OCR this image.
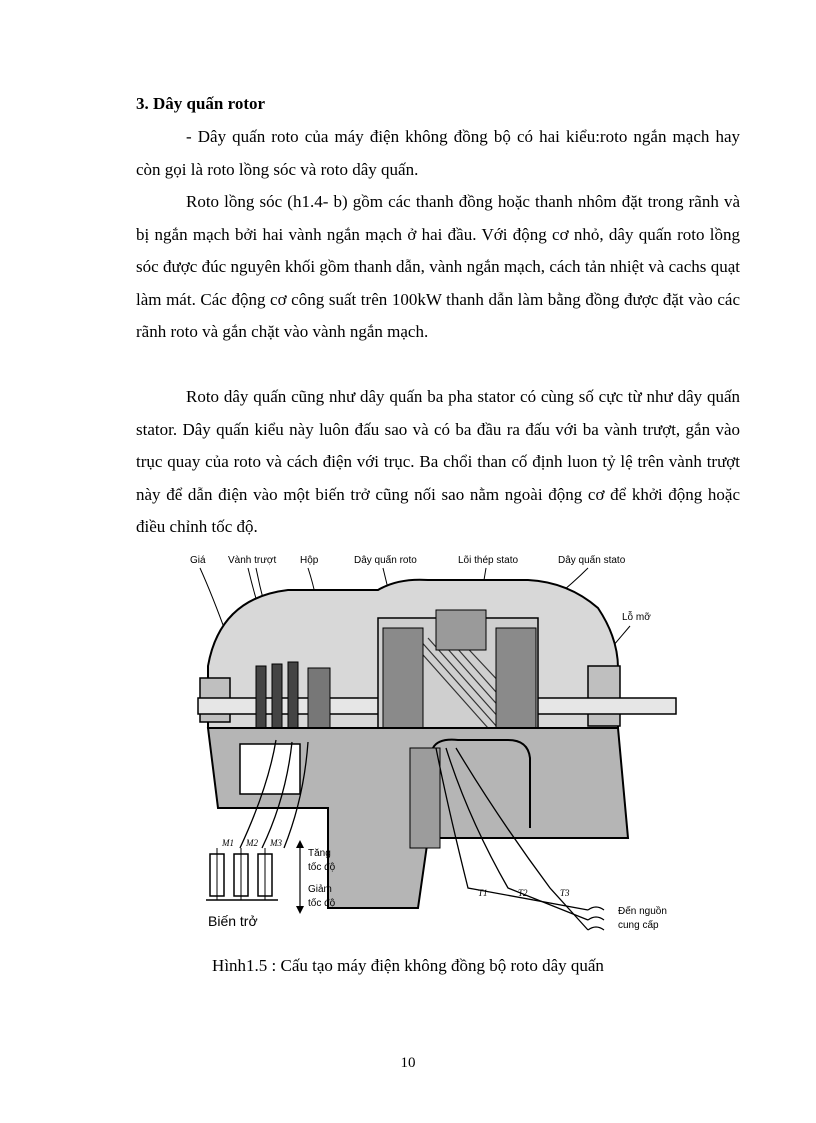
3. Dây quấn rotor

- Dây quấn roto của máy điện không đồng bộ có hai kiểu:roto ngắn mạch hay còn gọi là roto lồng sóc và roto dây quấn.

Roto lồng sóc (h1.4- b) gồm các thanh đồng hoặc thanh nhôm đặt trong rãnh và bị ngắn mạch bởi hai vành ngắn mạch ở hai đầu. Với động cơ nhỏ, dây quấn roto lồng sóc được đúc nguyên khối gồm thanh dẫn, vành ngắn mạch, cách tản nhiệt và cachs quạt làm mát. Các động cơ công suất trên 100kW thanh dẫn làm bằng đồng được đặt vào các rãnh roto và gắn chặt vào vành ngắn mạch.

Roto dây quấn cũng như dây quấn ba pha stator có cùng số cực từ như dây quấn stator. Dây quấn kiểu này luôn đấu sao và có ba đầu ra đấu với ba vành trượt, gắn vào trục quay của roto và cách điện với trục. Ba chổi than cố định luon tỷ lệ trên vành trượt này để dẫn điện vào một biến trở cũng nối sao nằm ngoài động cơ để khởi động hoặc điều chỉnh tốc độ.

Giá Vành trượt Hộp	Dây quấn roto	Lõi thép stato	Dây quấn stato
Lỗ mỡ
M1 M2 M3
Tăng
tốc độ
Giảm
tốc độ
Biến trở
T1	T2	T3
Đến nguồn
cung cấp

Hình1.5 : Cấu tạo máy điện không đồng bộ roto dây quấn

10
